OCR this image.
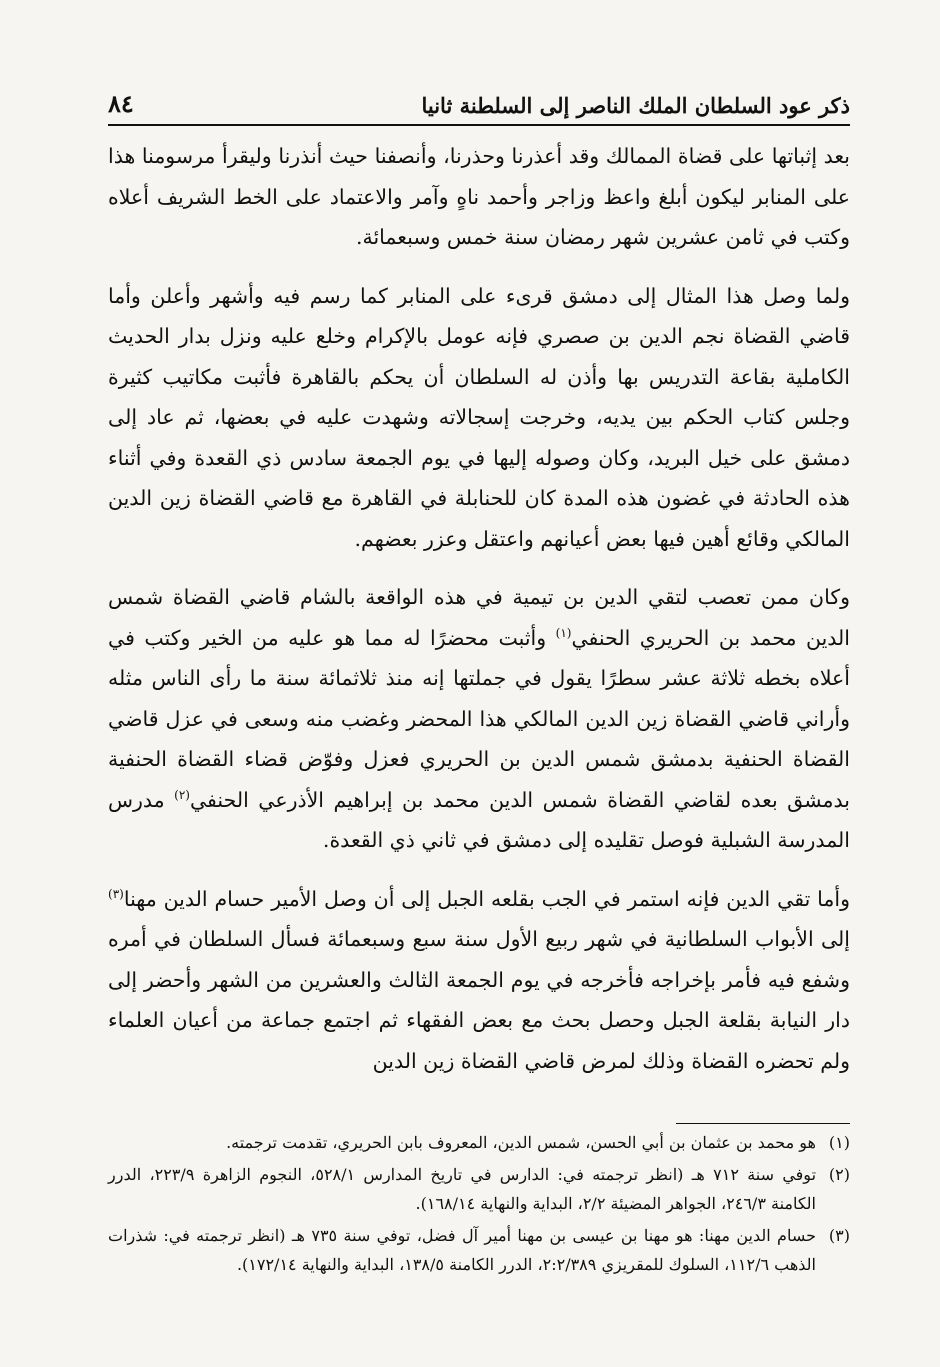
٨٤	ذكر عود السلطان الملك الناصر إلى السلطنة ثانيا

بعد إثباتها على قضاة الممالك وقد أعذرنا وحذرنا، وأنصفنا حيث أنذرنا وليقرأ مرسومنا هذا على المنابر ليكون أبلغ واعظ وزاجر وأحمد ناهٍ وآمر والاعتماد على الخط الشريف أعلاه وكتب في ثامن عشرين شهر رمضان سنة خمس وسبعمائة.

ولما وصل هذا المثال إلى دمشق قرىء على المنابر كما رسم فيه وأشهر وأعلن وأما قاضي القضاة نجم الدين بن صصري فإنه عومل بالإكرام وخلع عليه ونزل بدار الحديث الكاملية بقاعة التدريس بها وأذن له السلطان أن يحكم بالقاهرة فأثبت مكاتيب كثيرة وجلس كتاب الحكم بين يديه، وخرجت إسجالاته وشهدت عليه في بعضها، ثم عاد إلى دمشق على خيل البريد، وكان وصوله إليها في يوم الجمعة سادس ذي القعدة وفي أثناء هذه الحادثة في غضون هذه المدة كان للحنابلة في القاهرة مع قاضي القضاة زين الدين المالكي وقائع أهين فيها بعض أعيانهم واعتقل وعزر بعضهم.

وكان ممن تعصب لتقي الدين بن تيمية في هذه الواقعة بالشام قاضي القضاة شمس الدين محمد بن الحريري الحنفي$^{(١)}$ وأثبت محضرًا له مما هو عليه من الخير وكتب في أعلاه بخطه ثلاثة عشر سطرًا يقول في جملتها إنه منذ ثلاثمائة سنة ما رأى الناس مثله وأراني قاضي القضاة زين الدين المالكي هذا المحضر وغضب منه وسعى في عزل قاضي القضاة الحنفية بدمشق شمس الدين بن الحريري فعزل وفوّض قضاء القضاة الحنفية بدمشق بعده لقاضي القضاة شمس الدين محمد بن إبراهيم الأذرعي الحنفي$^{(٢)}$ مدرس المدرسة الشبلية فوصل تقليده إلى دمشق في ثاني ذي القعدة.

وأما تقي الدين فإنه استمر في الجب بقلعه الجبل إلى أن وصل الأمير حسام الدين مهنا$^{(٣)}$ إلى الأبواب السلطانية في شهر ربيع الأول سنة سبع وسبعمائة فسأل السلطان في أمره وشفع فيه فأمر بإخراجه فأخرجه في يوم الجمعة الثالث والعشرين من الشهر وأحضر إلى دار النيابة بقلعة الجبل وحصل بحث مع بعض الفقهاء ثم اجتمع جماعة من أعيان العلماء ولم تحضره القضاة وذلك لمرض قاضي القضاة زين الدين

(١)
هو محمد بن عثمان بن أبي الحسن، شمس الدين، المعروف بابن الحريري، تقدمت ترجمته.
(٢)
توفي سنة ٧١٢ هـ (انظر ترجمته في: الدارس في تاريخ المدارس ٥٢٨/١، النجوم الزاهرة ٢٢٣/٩، الدرر الكامنة ٢٤٦/٣، الجواهر المضيئة ٢/٢، البداية والنهاية ١٦٨/١٤).
(٣)
حسام الدين مهنا: هو مهنا بن عيسى بن مهنا أمير آل فضل، توفي سنة ٧٣٥ هـ (انظر ترجمته في: شذرات الذهب ١١٢/٦، السلوك للمقريزي ٢:٢/٣٨٩، الدرر الكامنة ١٣٨/٥، البداية والنهاية ١٧٢/١٤).
